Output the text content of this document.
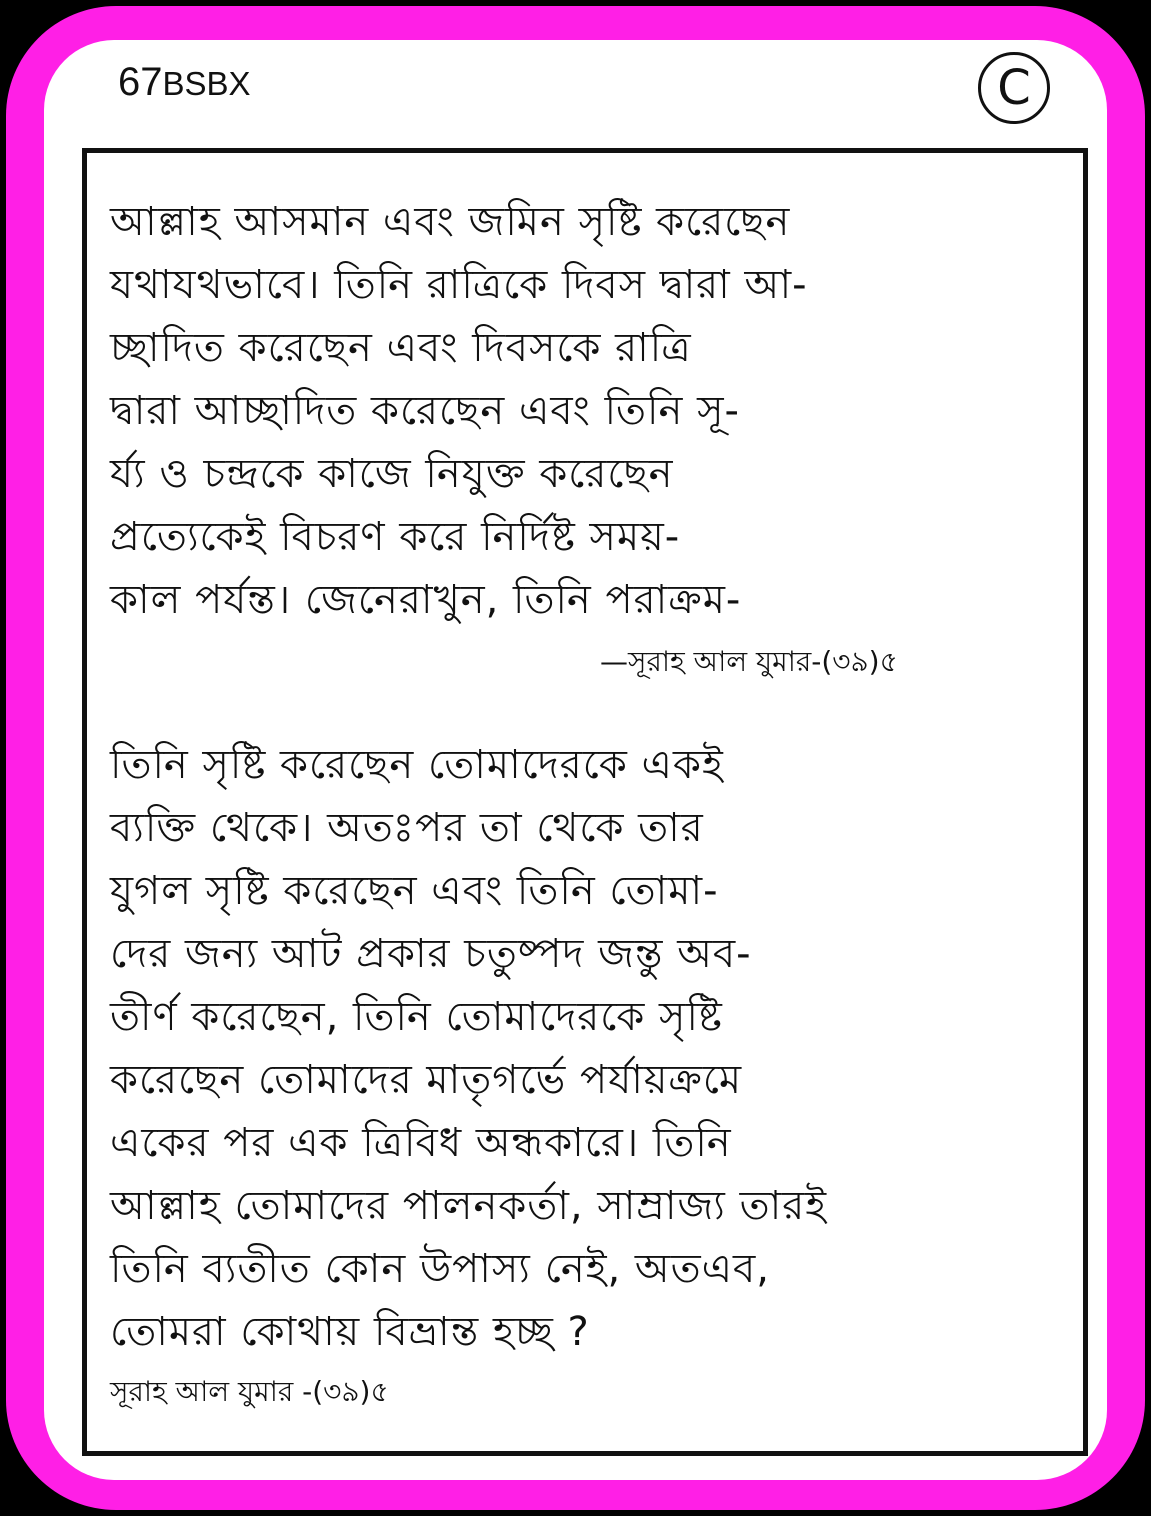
67BSBX	C
আল্লাহ আসমান এবং জমিন সৃষ্টি করেছেন
যথাযথভাবে। তিনি রাত্রিকে দিবস দ্বারা আ-
চ্ছাদিত করেছেন এবং দিবসকে রাত্রি
দ্বারা আচ্ছাদিত করেছেন এবং তিনি সূ-
র্য্য ও চন্দ্রকে কাজে নিযুক্ত করেছেন
প্রত্যেকেই বিচরণ করে নির্দিষ্ট সময়-
কাল পর্যন্ত। জেনেরাখুন, তিনি পরাক্রম-
—সূরাহ আল যুমার-(৩৯)৫
তিনি সৃষ্টি করেছেন তোমাদেরকে একই
ব্যক্তি থেকে। অতঃপর তা থেকে তার
যুগল সৃষ্টি করেছেন এবং তিনি তোমা-
দের জন্য আট প্রকার চতুষ্পদ জন্তু অব-
তীর্ণ করেছেন, তিনি তোমাদেরকে সৃষ্টি
করেছেন তোমাদের মাতৃগর্ভে পর্যায়ক্রমে
একের পর এক ত্রিবিধ অন্ধকারে। তিনি
আল্লাহ তোমাদের পালনকর্তা, সাম্রাজ্য তারই
তিনি ব্যতীত কোন উপাস্য নেই, অতএব,
তোমরা কোথায় বিভ্রান্ত হচ্ছ ?
সূরাহ আল যুমার -(৩৯)৫
